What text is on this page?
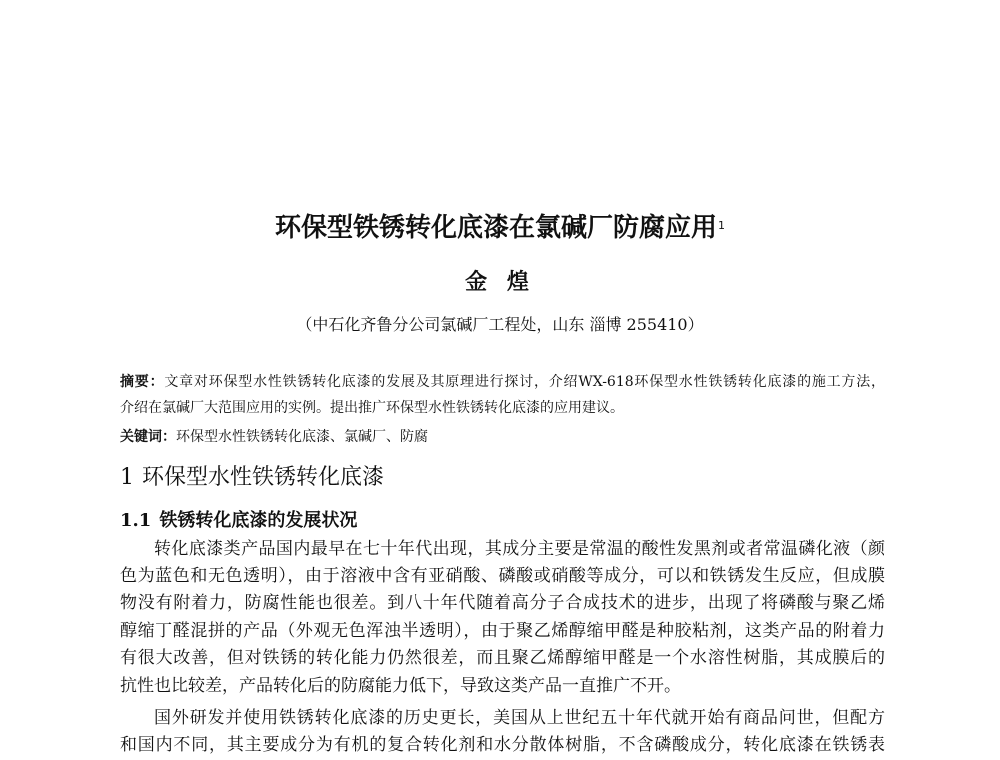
环保型铁锈转化底漆在氯碱厂防腐应用$^1$
金 煌
（中石化齐鲁分公司氯碱厂工程处，山东 淄博 255410）
摘要：文章对环保型水性铁锈转化底漆的发展及其原理进行探讨，介绍WX-618环保型水性铁锈转化底漆的施工方法，
介绍在氯碱厂大范围应用的实例。提出推广环保型水性铁锈转化底漆的应用建议。
关键词：环保型水性铁锈转化底漆、氯碱厂、防腐
1 环保型水性铁锈转化底漆
1.1 铁锈转化底漆的发展状况
转化底漆类产品国内最早在七十年代出现，其成分主要是常温的酸性发黑剂或者常温磷化液（颜
色为蓝色和无色透明），由于溶液中含有亚硝酸、磷酸或硝酸等成分，可以和铁锈发生反应，但成膜
物没有附着力，防腐性能也很差。到八十年代随着高分子合成技术的进步，出现了将磷酸与聚乙烯
醇缩丁醛混拼的产品（外观无色浑浊半透明），由于聚乙烯醇缩甲醛是种胶粘剂，这类产品的附着力
有很大改善，但对铁锈的转化能力仍然很差，而且聚乙烯醇缩甲醛是一个水溶性树脂，其成膜后的
抗性也比较差，产品转化后的防腐能力低下，导致这类产品一直推广不开。
国外研发并使用铁锈转化底漆的历史更长，美国从上世纪五十年代就开始有商品问世，但配方
和国内不同，其主要成分为有机的复合转化剂和水分散体树脂，不含磷酸成分，转化底漆在铁锈表
